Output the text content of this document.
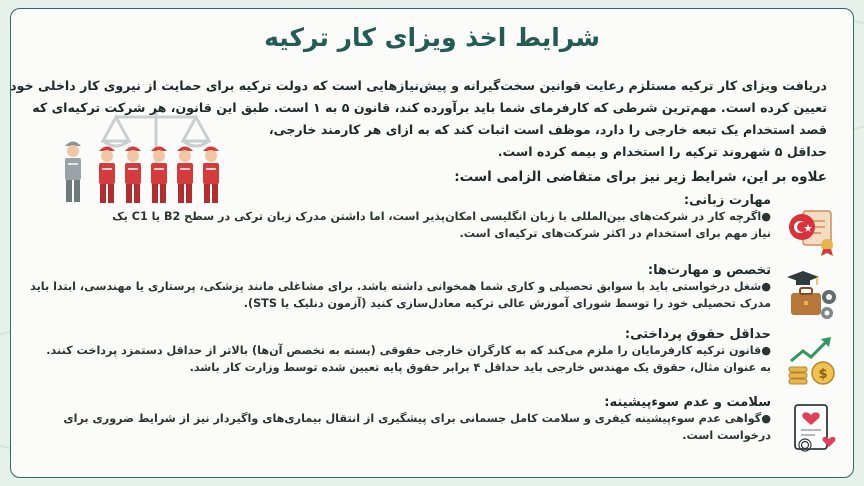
شرایط اخذ ویزای کار ترکیه

دریافت ویزای کار ترکیه مستلزم رعایت قوانین سخت‌گیرانه و پیش‌نیازهایی است که دولت ترکیه برای حمایت از نیروی کار داخلی خود

تعیین کرده است. مهم‌ترین شرطی که کارفرمای شما باید برآورده کند، قانون ۵ به ۱ است. طبق این قانون، هر شرکت ترکیه‌ای که

قصد استخدام یک تبعه خارجی را دارد، موظف است اثبات کند که به ازای هر کارمند خارجی،

حداقل ۵ شهروند ترکیه را استخدام و بیمه کرده است.

علاوه بر این، شرایط زیر نیز برای متقاضی الزامی است:
مهارت زبانی:

●اگرچه کار در شرکت‌های بین‌المللی با زبان انگلیسی امکان‌پذیر است، اما داشتن مدرک زبان ترکی در سطح B2 یا C1 یک

نیاز مهم برای استخدام در اکثر شرکت‌های ترکیه‌ای است.

تخصص و مهارت‌ها:

●شغل درخواستی باید با سوابق تحصیلی و کاری شما همخوانی داشته باشد. برای مشاغلی مانند پزشکی، پرستاری یا مهندسی، ابتدا باید

مدرک تحصیلی خود را توسط شورای آموزش عالی ترکیه معادل‌سازی کنید (آزمون دنلیک یا STS).

حداقل حقوق پرداختی:

●قانون ترکیه کارفرمایان را ملزم می‌کند که به کارگران خارجی حقوقی (بسته به تخصص آن‌ها) بالاتر از حداقل دستمزد پرداخت کنند.

به عنوان مثال، حقوق یک مهندس خارجی باید حداقل ۴ برابر حقوق پایه تعیین شده توسط وزارت کار باشد.	$
سلامت و عدم سوءپیشینه:

●گواهی عدم سوءپیشینه کیفری و سلامت کامل جسمانی برای پیشگیری از انتقال بیماری‌های واگیردار نیز از شرایط ضروری برای

درخواست است.
